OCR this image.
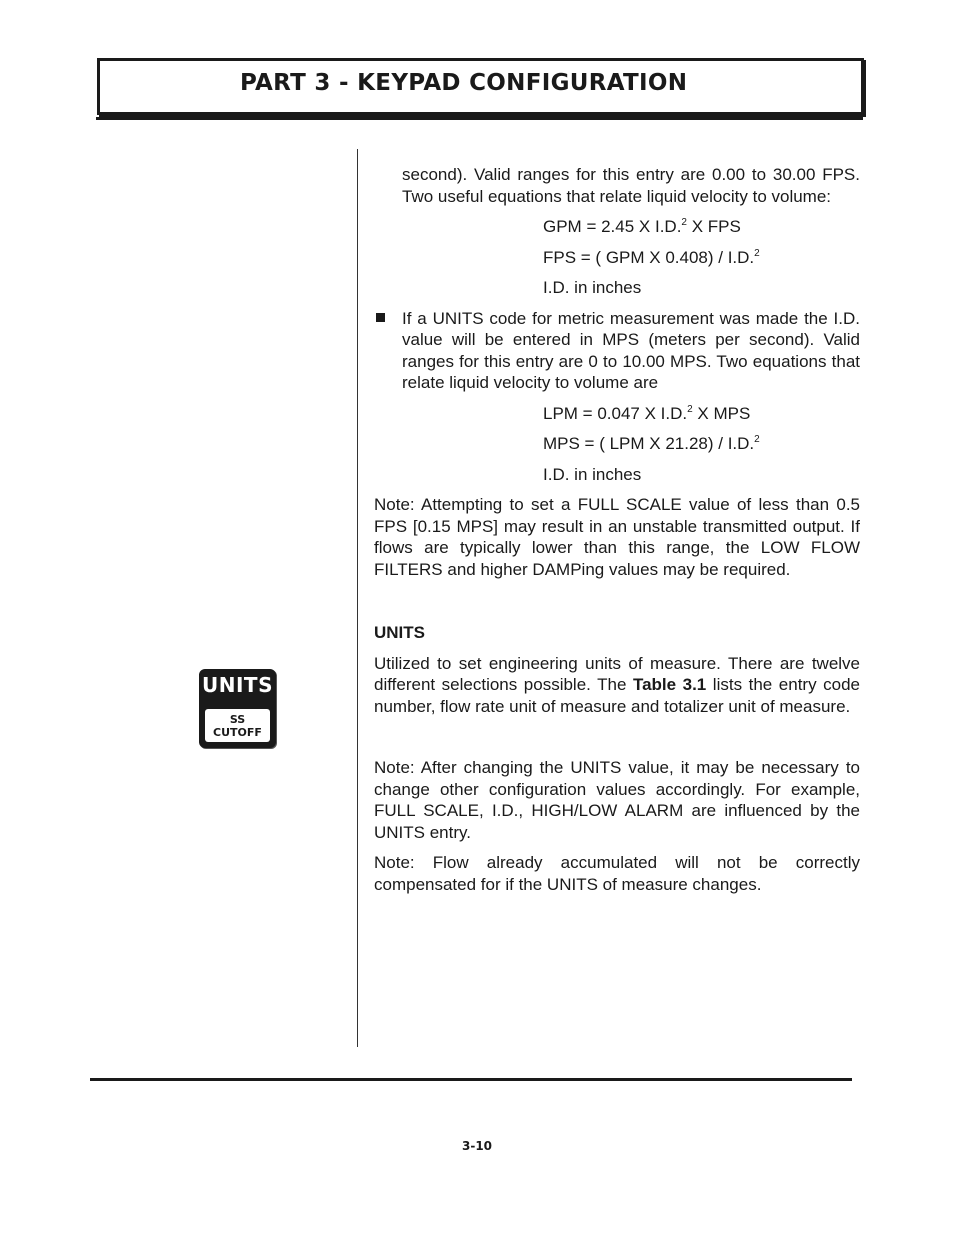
PART 3 - KEYPAD CONFIGURATION
UNITS
SS
CUTOFF

second). Valid ranges for this entry are 0.00 to 30.00 FPS. Two useful equations that relate liquid velocity to volume:

GPM = 2.45 X I.D.$^2$ X FPS

FPS = ( GPM X 0.408) / I.D.$^2$

I.D. in inches

If a UNITS code for metric measurement was made the I.D. value will be entered in MPS (meters per second). Valid ranges for this entry are 0 to 10.00 MPS. Two equations that relate liquid velocity to volume are

LPM = 0.047 X I.D.$^2$ X MPS

MPS = ( LPM X 21.28) / I.D.$^2$

I.D. in inches

Note: Attempting to set a FULL SCALE value of less than 0.5 FPS [0.15 MPS] may result in an unstable transmitted output. If flows are typically lower than this range, the LOW FLOW FILTERS and higher DAMPing values may be required.

UNITS

Utilized to set engineering units of measure. There are twelve different selections possible. The Table 3.1 lists the entry code number, flow rate unit of measure and totalizer unit of measure.

Note: After changing the UNITS value, it may be necessary to change other configuration values accordingly. For example, FULL SCALE, I.D., HIGH/LOW ALARM are influenced by the UNITS entry.

Note: Flow already accumulated will not be correctly compensated for if the UNITS of measure changes.

3-10
